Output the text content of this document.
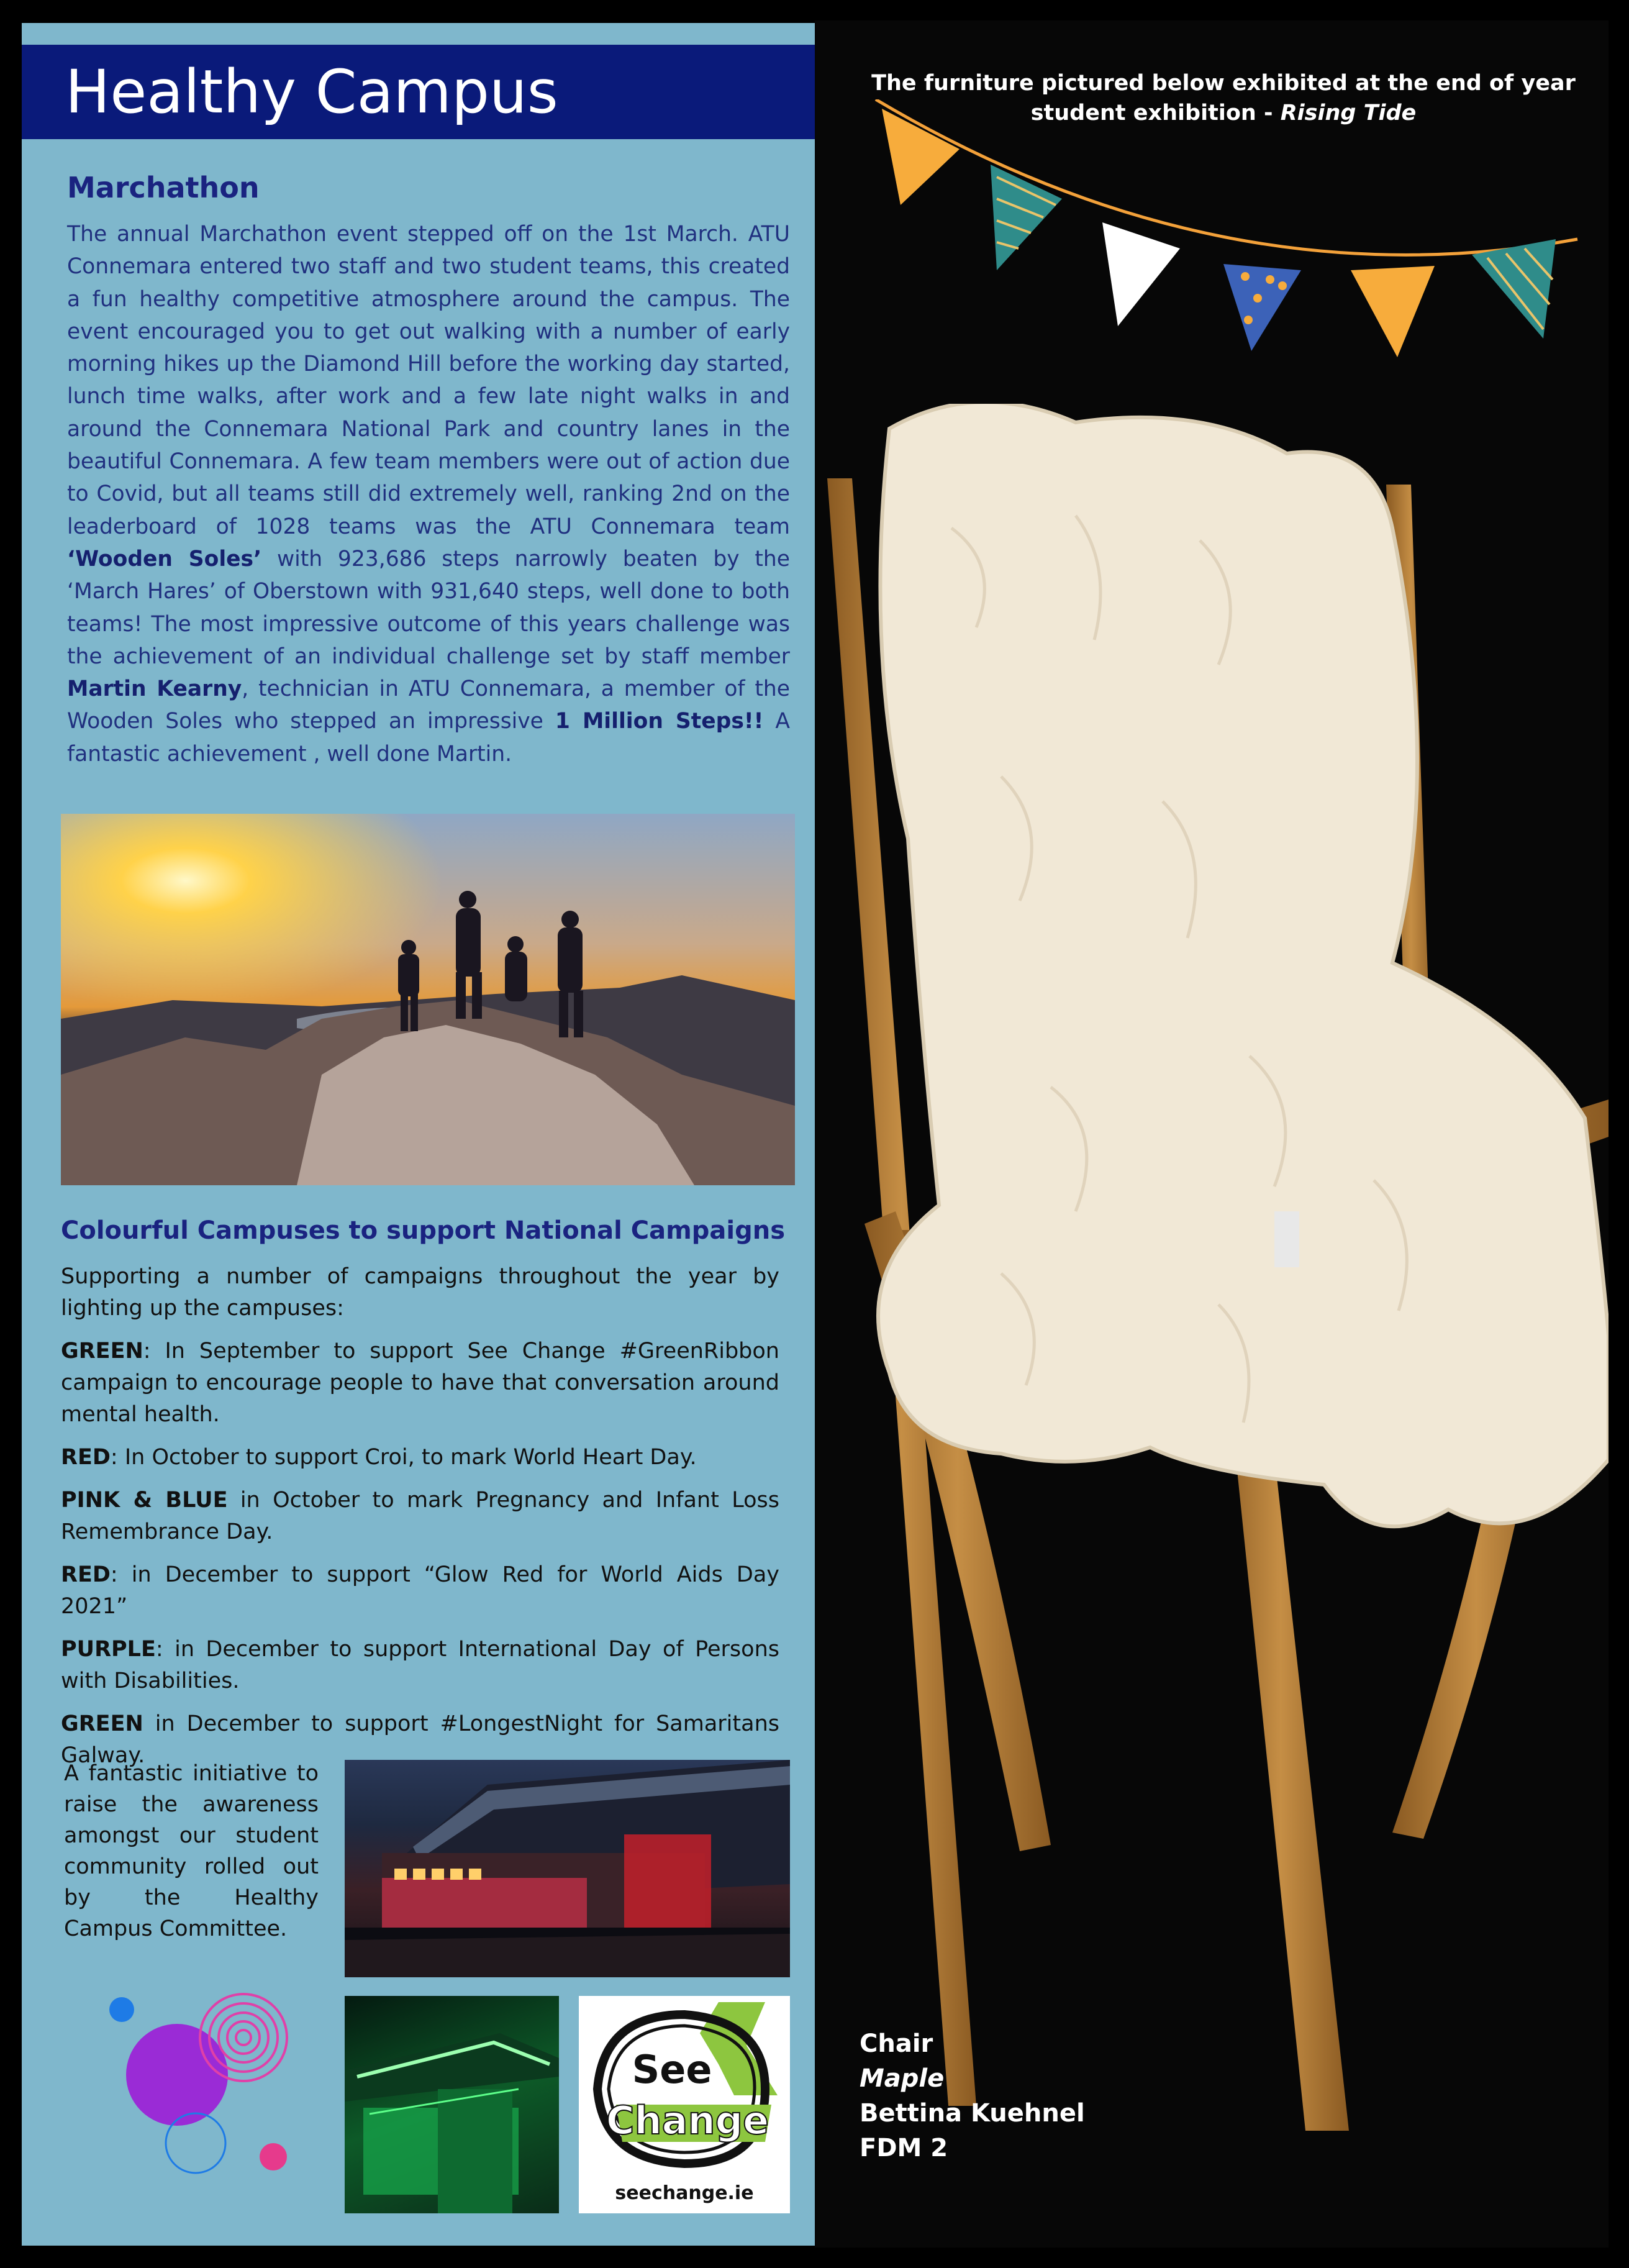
Healthy Campus
Marchathon
The annual Marchathon event stepped off on the 1st March. ATU Connemara entered two staff and two student teams, this created a fun healthy competitive atmosphere around the campus. The event encouraged you to get out walking with a number of early morning hikes up the Diamond Hill before the working day started, lunch time walks, after work and a few late night walks in and around the Connemara National Park and country lanes in the beautiful Connemara. A few team members were out of action due to Covid, but all teams still did extremely well, ranking 2nd on the leaderboard of 1028 teams was the ATU Connemara team ‘Wooden Soles’ with 923,686 steps narrowly beaten by the ‘March Hares’ of Oberstown with 931,640 steps, well done to both teams! The most impressive outcome of this years challenge was the achievement of an individual challenge set by staff member Martin Kearny, technician in ATU Connemara, a member of the Wooden Soles who stepped an impressive 1 Million Steps!! A fantastic achievement , well done Martin.
Colourful Campuses to support National Campaigns

Supporting a number of campaigns throughout the year by lighting up the campuses:

GREEN: In September to support See Change #GreenRibbon campaign to encourage people to have that conversation around mental health.

RED: In October to support Croi, to mark World Heart Day.

PINK & BLUE in October to mark Pregnancy and Infant Loss Remembrance Day.

RED: in December to support “Glow Red for World Aids Day 2021”

PURPLE: in December to support International Day of Persons with Disabilities.

GREEN in December to support #LongestNight for Samaritans Galway.

A fantastic initiative to raise the awareness amongst our student community rolled out by the Healthy Campus Committee.
See
Change
seechange.ie
The furniture pictured below exhibited at the end of year student exhibition - Rising Tide
Chair
Maple
Bettina Kuehnel
FDM 2
